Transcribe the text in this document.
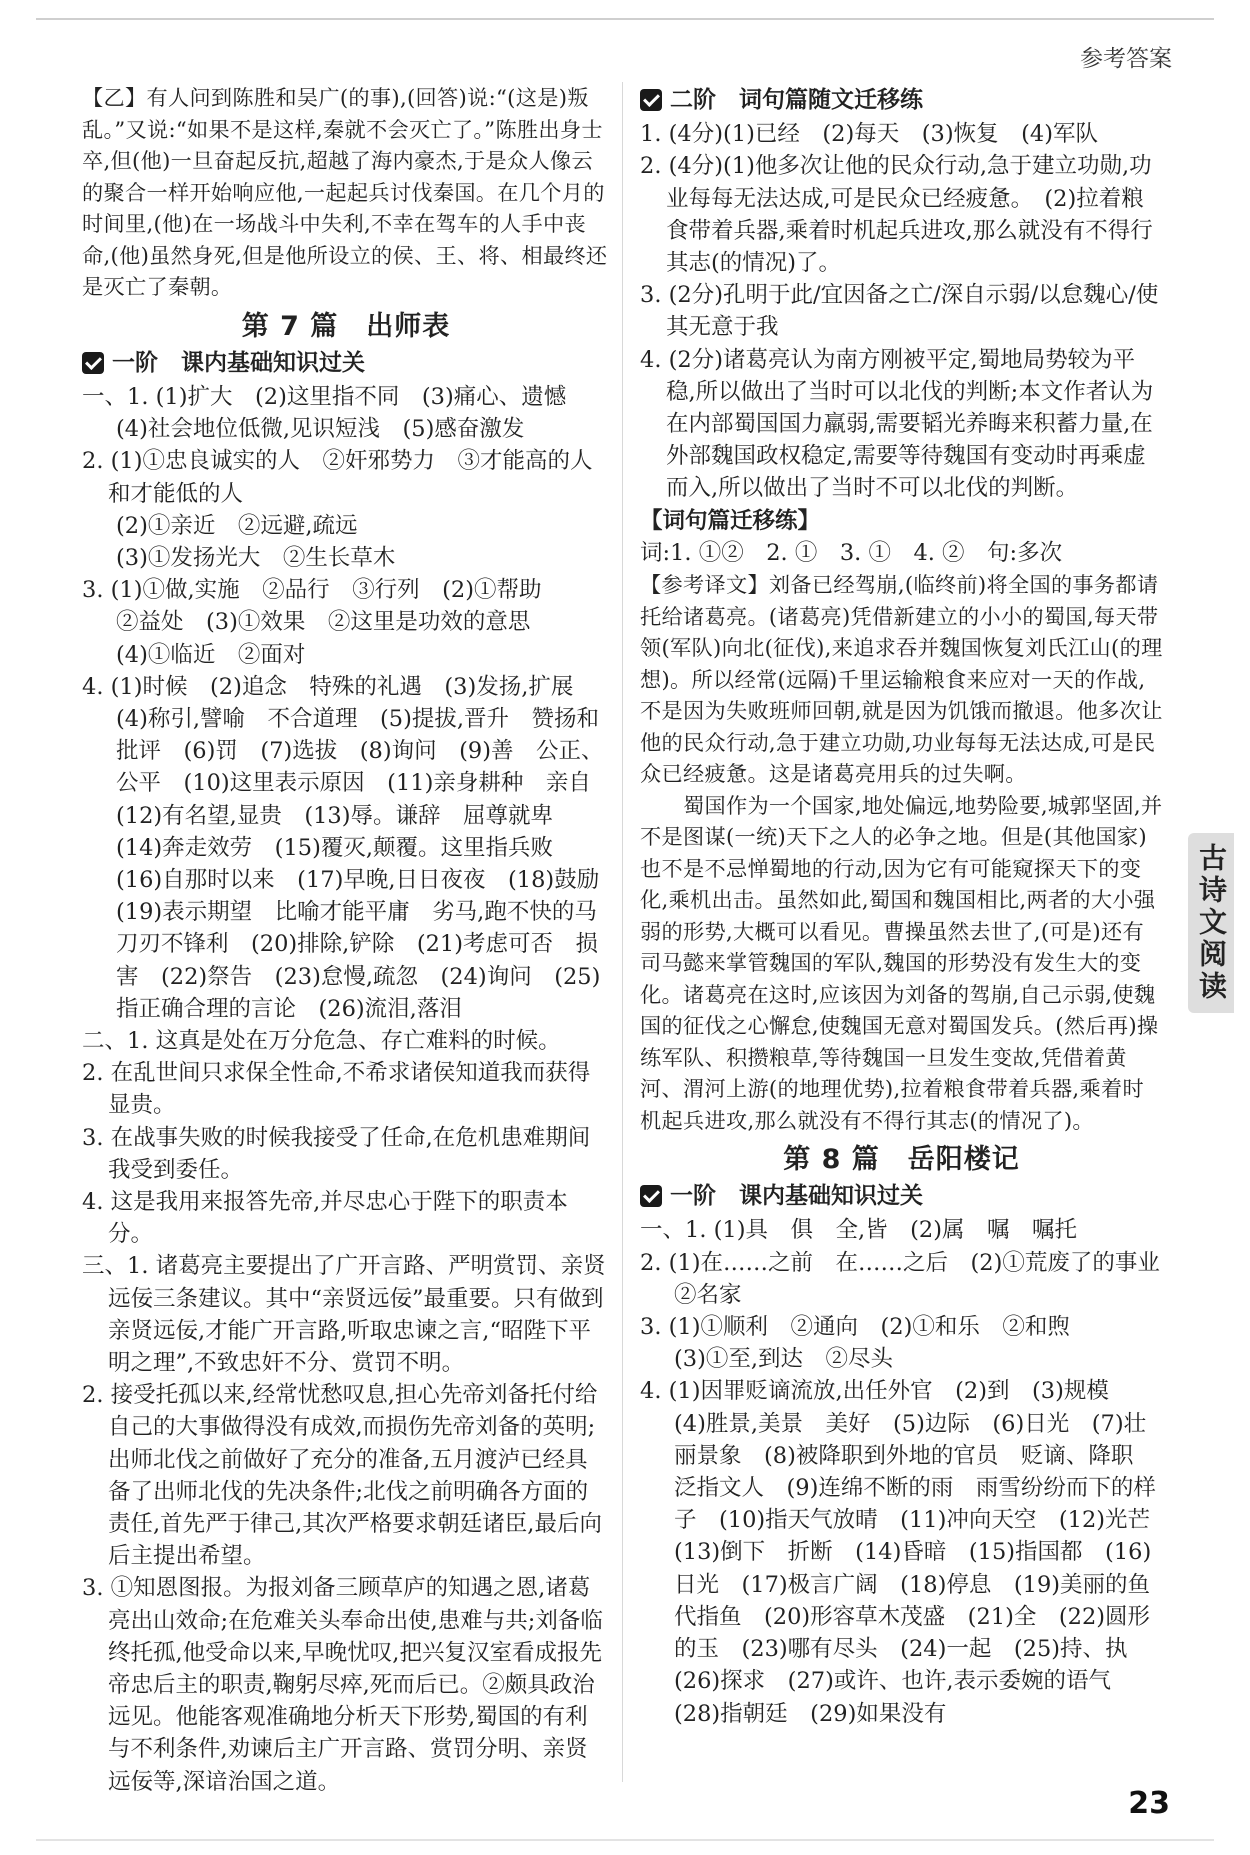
参考答案

【乙】有人问到陈胜和吴广(的事),(回答)说:“(这是)叛乱。”又说:“如果不是这样,秦就不会灭亡了。”陈胜出身士卒,但(他)一旦奋起反抗,超越了海内豪杰,于是众人像云的聚合一样开始响应他,一起起兵讨伐秦国。在几个月的时间里,(他)在一场战斗中失利,不幸在驾车的人手中丧命,(他)虽然身死,但是他所设立的侯、王、将、相最终还是灭亡了秦朝。

第 7 篇　出师表

一阶　课内基础知识过关

一、1. (1)扩大　(2)这里指不同　(3)痛心、遗憾

(4)社会地位低微,见识短浅　(5)感奋激发

2. (1)①忠良诚实的人　②奸邪势力　③才能高的人和才能低的人

(2)①亲近　②远避,疏远

(3)①发扬光大　②生长草木

3. (1)①做,实施　②品行　③行列　(2)①帮助

②益处　(3)①效果　②这里是功效的意思

(4)①临近　②面对

4. (1)时候　(2)追念　特殊的礼遇　(3)发扬,扩展

(4)称引,譬喻　不合道理　(5)提拔,晋升　赞扬和批评　(6)罚　(7)选拔　(8)询问　(9)善　公正、公平　(10)这里表示原因　(11)亲身耕种　亲自　(12)有名望,显贵　(13)辱。谦辞　屈尊就卑　(14)奔走效劳　(15)覆灭,颠覆。这里指兵败　(16)自那时以来　(17)早晚,日日夜夜　(18)鼓励　(19)表示期望　比喻才能平庸　劣马,跑不快的马　刀刃不锋利　(20)排除,铲除　(21)考虑可否　损害　(22)祭告　(23)怠慢,疏忽　(24)询问　(25)指正确合理的言论　(26)流泪,落泪

二、1. 这真是处在万分危急、存亡难料的时候。

2. 在乱世间只求保全性命,不希求诸侯知道我而获得显贵。

3. 在战事失败的时候我接受了任命,在危机患难期间我受到委任。

4. 这是我用来报答先帝,并尽忠心于陛下的职责本分。

三、1. 诸葛亮主要提出了广开言路、严明赏罚、亲贤远佞三条建议。其中“亲贤远佞”最重要。只有做到亲贤远佞,才能广开言路,听取忠谏之言,“昭陛下平明之理”,不致忠奸不分、赏罚不明。

2. 接受托孤以来,经常忧愁叹息,担心先帝刘备托付给自己的大事做得没有成效,而损伤先帝刘备的英明;出师北伐之前做好了充分的准备,五月渡泸已经具备了出师北伐的先决条件;北伐之前明确各方面的责任,首先严于律己,其次严格要求朝廷诸臣,最后向后主提出希望。

3. ①知恩图报。为报刘备三顾草庐的知遇之恩,诸葛亮出山效命;在危难关头奉命出使,患难与共;刘备临终托孤,他受命以来,早晚忧叹,把兴复汉室看成报先帝忠后主的职责,鞠躬尽瘁,死而后已。②颇具政治远见。他能客观准确地分析天下形势,蜀国的有利与不利条件,劝谏后主广开言路、赏罚分明、亲贤远佞等,深谙治国之道。

二阶　词句篇随文迁移练

1. (4分)(1)已经　(2)每天　(3)恢复　(4)军队

2. (4分)(1)他多次让他的民众行动,急于建立功勋,功业每每无法达成,可是民众已经疲惫。　(2)拉着粮食带着兵器,乘着时机起兵进攻,那么就没有不得行其志(的情况)了。

3. (2分)孔明于此/宜因备之亡/深自示弱/以怠魏心/使其无意于我

4. (2分)诸葛亮认为南方刚被平定,蜀地局势较为平稳,所以做出了当时可以北伐的判断;本文作者认为在内部蜀国国力羸弱,需要韬光养晦来积蓄力量,在外部魏国政权稳定,需要等待魏国有变动时再乘虚而入,所以做出了当时不可以北伐的判断。

【词句篇迁移练】

词:1. ①②　2. ①　3. ①　4. ②　句:多次

【参考译文】刘备已经驾崩,(临终前)将全国的事务都请托给诸葛亮。(诸葛亮)凭借新建立的小小的蜀国,每天带领(军队)向北(征伐),来追求吞并魏国恢复刘氏江山(的理想)。所以经常(远隔)千里运输粮食来应对一天的作战,不是因为失败班师回朝,就是因为饥饿而撤退。他多次让他的民众行动,急于建立功勋,功业每每无法达成,可是民众已经疲惫。这是诸葛亮用兵的过失啊。

　　蜀国作为一个国家,地处偏远,地势险要,城郭坚固,并不是图谋(一统)天下之人的必争之地。但是(其他国家)也不是不忌惮蜀地的行动,因为它有可能窥探天下的变化,乘机出击。虽然如此,蜀国和魏国相比,两者的大小强弱的形势,大概可以看见。曹操虽然去世了,(可是)还有司马懿来掌管魏国的军队,魏国的形势没有发生大的变化。诸葛亮在这时,应该因为刘备的驾崩,自己示弱,使魏国的征伐之心懈怠,使魏国无意对蜀国发兵。(然后再)操练军队、积攒粮草,等待魏国一旦发生变故,凭借着黄河、渭河上游(的地理优势),拉着粮食带着兵器,乘着时机起兵进攻,那么就没有不得行其志(的情况了)。

第 8 篇　岳阳楼记

一阶　课内基础知识过关

一、1. (1)具　俱　全,皆　(2)属　嘱　嘱托

2. (1)在……之前　在……之后　(2)①荒废了的事业

②名家

3. (1)①顺利　②通向　(2)①和乐　②和煦

(3)①至,到达　②尽头

4. (1)因罪贬谪流放,出任外官　(2)到　(3)规模

(4)胜景,美景　美好　(5)边际　(6)日光　(7)壮丽景象　(8)被降职到外地的官员　贬谪、降职　泛指文人　(9)连绵不断的雨　雨雪纷纷而下的样子　(10)指天气放晴　(11)冲向天空　(12)光芒　(13)倒下　折断　(14)昏暗　(15)指国都　(16)日光　(17)极言广阔　(18)停息　(19)美丽的鱼　代指鱼　(20)形容草木茂盛　(21)全　(22)圆形的玉　(23)哪有尽头　(24)一起　(25)持、执　(26)探求　(27)或许、也许,表示委婉的语气　(28)指朝廷　(29)如果没有

古诗文阅读
23
